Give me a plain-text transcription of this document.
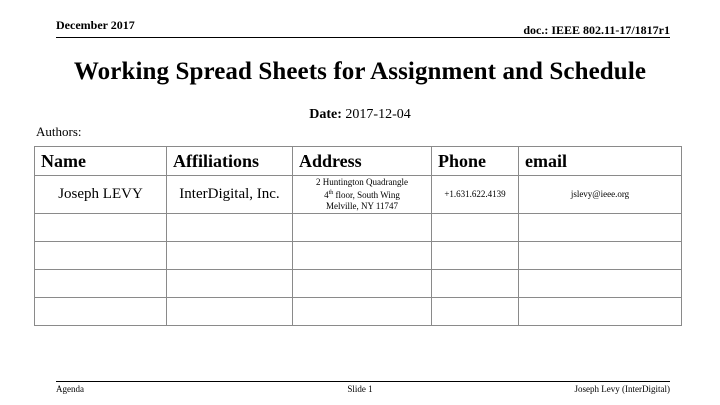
December 2017	doc.: IEEE 802.11-17/1817r1
Working Spread Sheets for Assignment and Schedule
Date: 2017-12-04
Authors:
Name	Affiliations	Address	Phone	email
Joseph LEVY	InterDigital, Inc.	2 Huntington Quadrangle
4th floor, South Wing
Melville, NY 11747	+1.631.622.4139	jslevy@ieee.org

Agenda	Slide 1	Joseph Levy (InterDigital)
